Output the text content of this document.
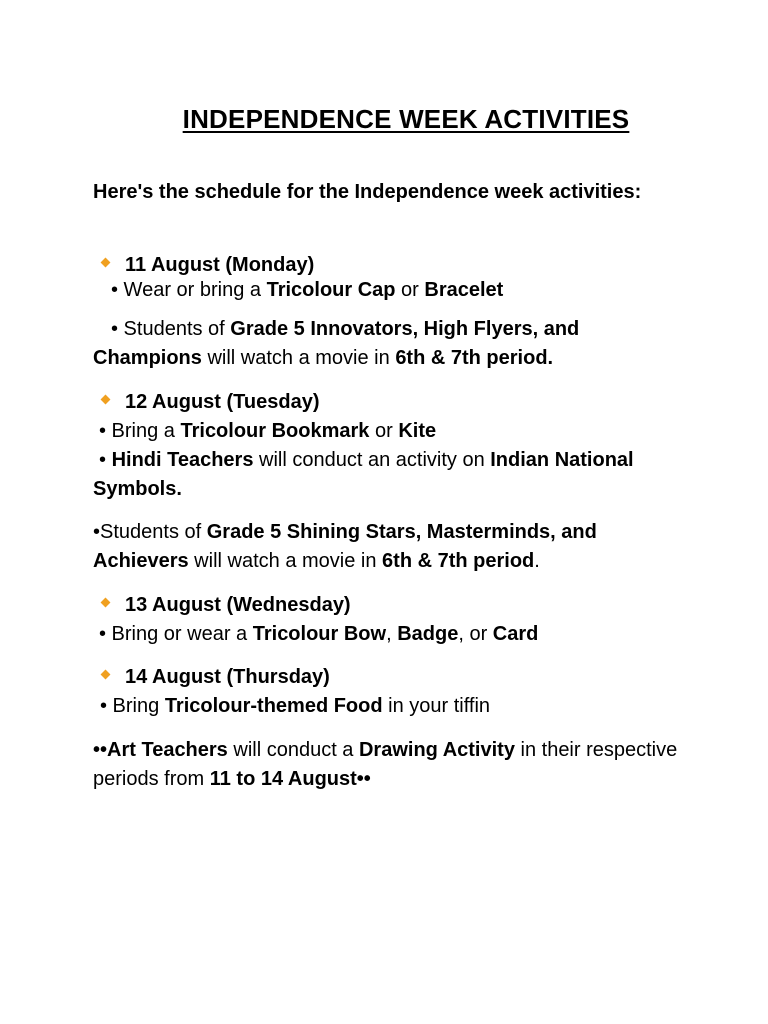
INDEPENDENCE WEEK ACTIVITIES
Here's the schedule for the Independence week activities:
11 August (Monday)
• Wear or bring a Tricolour Cap or Bracelet
• Students of Grade 5 Innovators, High Flyers, and Champions will watch a movie in 6th & 7th period.
12 August (Tuesday)
• Bring a Tricolour Bookmark or Kite
• Hindi Teachers will conduct an activity on Indian National Symbols.
•Students of Grade 5 Shining Stars, Masterminds, and Achievers will watch a movie in 6th & 7th period.
13 August (Wednesday)
• Bring or wear a Tricolour Bow, Badge, or Card
14 August (Thursday)
• Bring Tricolour-themed Food in your tiffin
••Art Teachers will conduct a Drawing Activity in their respective periods from 11 to 14 August••
